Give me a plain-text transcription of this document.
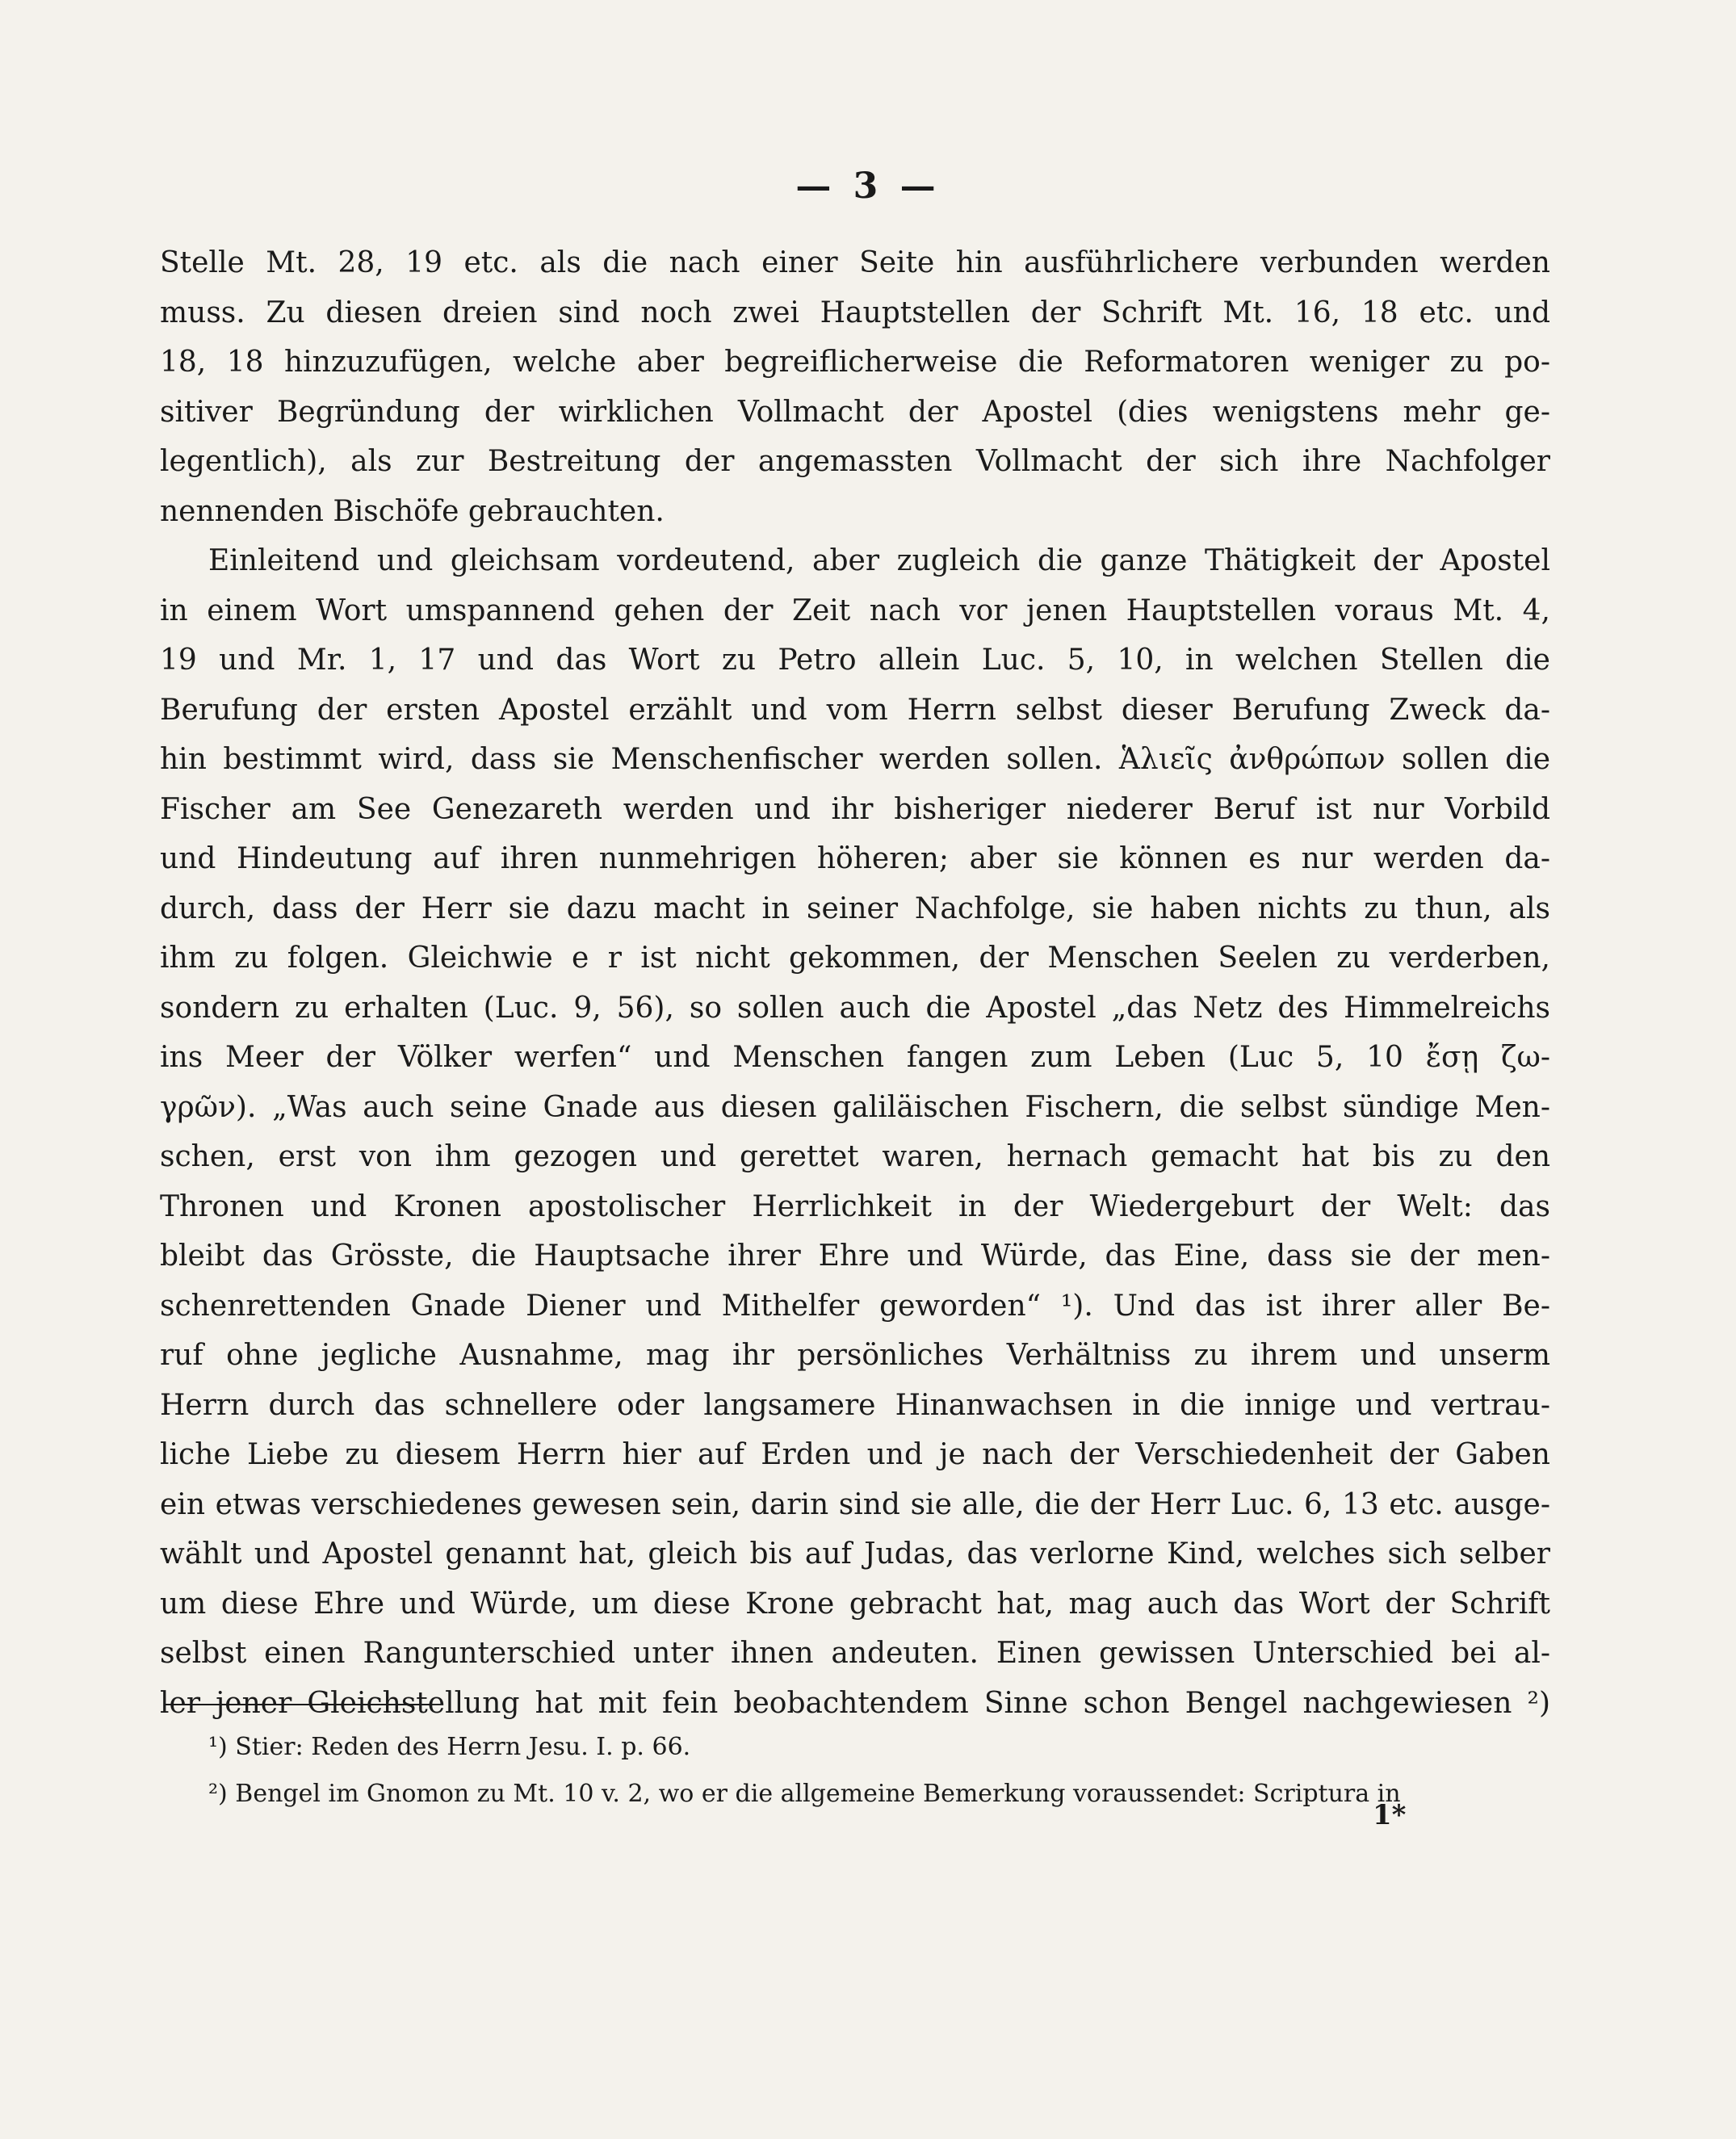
— 3 —
Stelle Mt. 28, 19 etc. als die nach einer Seite hin ausführlichere verbunden werden
muss. Zu diesen dreien sind noch zwei Hauptstellen der Schrift Mt. 16, 18 etc. und
18, 18 hinzuzufügen, welche aber begreiflicherweise die Reformatoren weniger zu po-
sitiver Begründung der wirklichen Vollmacht der Apostel (dies wenigstens mehr ge-
legentlich), als zur Bestreitung der angemassten Vollmacht der sich ihre Nachfolger
nennenden Bischöfe gebrauchten.
Einleitend und gleichsam vordeutend, aber zugleich die ganze Thätigkeit der Apostel
in einem Wort umspannend gehen der Zeit nach vor jenen Hauptstellen voraus Mt. 4,
19 und Mr. 1, 17 und das Wort zu Petro allein Luc. 5, 10, in welchen Stellen die
Berufung der ersten Apostel erzählt und vom Herrn selbst dieser Berufung Zweck da-
hin bestimmt wird, dass sie Menschenfischer werden sollen. Ἁλιεῖς ἀνθρώπων sollen die
Fischer am See Genezareth werden und ihr bisheriger niederer Beruf ist nur Vorbild
und Hindeutung auf ihren nunmehrigen höheren; aber sie können es nur werden da-
durch, dass der Herr sie dazu macht in seiner Nachfolge, sie haben nichts zu thun, als
ihm zu folgen. Gleichwie e r ist nicht gekommen, der Menschen Seelen zu verderben,
sondern zu erhalten (Luc. 9, 56), so sollen auch die Apostel „das Netz des Himmelreichs
ins Meer der Völker werfen“ und Menschen fangen zum Leben (Luc 5, 10 ἔσῃ ζω-
γρῶν). „Was auch seine Gnade aus diesen galiläischen Fischern, die selbst sündige Men-
schen, erst von ihm gezogen und gerettet waren, hernach gemacht hat bis zu den
Thronen und Kronen apostolischer Herrlichkeit in der Wiedergeburt der Welt: das
bleibt das Grösste, die Hauptsache ihrer Ehre und Würde, das Eine, dass sie der men-
schenrettenden Gnade Diener und Mithelfer geworden“ ¹). Und das ist ihrer aller Be-
ruf ohne jegliche Ausnahme, mag ihr persönliches Verhältniss zu ihrem und unserm
Herrn durch das schnellere oder langsamere Hinanwachsen in die innige und vertrau-
liche Liebe zu diesem Herrn hier auf Erden und je nach der Verschiedenheit der Gaben
ein etwas verschiedenes gewesen sein, darin sind sie alle, die der Herr Luc. 6, 13 etc. ausge-
wählt und Apostel genannt hat, gleich bis auf Judas, das verlorne Kind, welches sich selber
um diese Ehre und Würde, um diese Krone gebracht hat, mag auch das Wort der Schrift
selbst einen Rangunterschied unter ihnen andeuten. Einen gewissen Unterschied bei al-
ler jener Gleichstellung hat mit fein beobachtendem Sinne schon Bengel nachgewiesen ²)
¹) Stier: Reden des Herrn Jesu. I. p. 66.
²) Bengel im Gnomon zu Mt. 10 v. 2, wo er die allgemeine Bemerkung voraussendet: Scriptura in
1*
